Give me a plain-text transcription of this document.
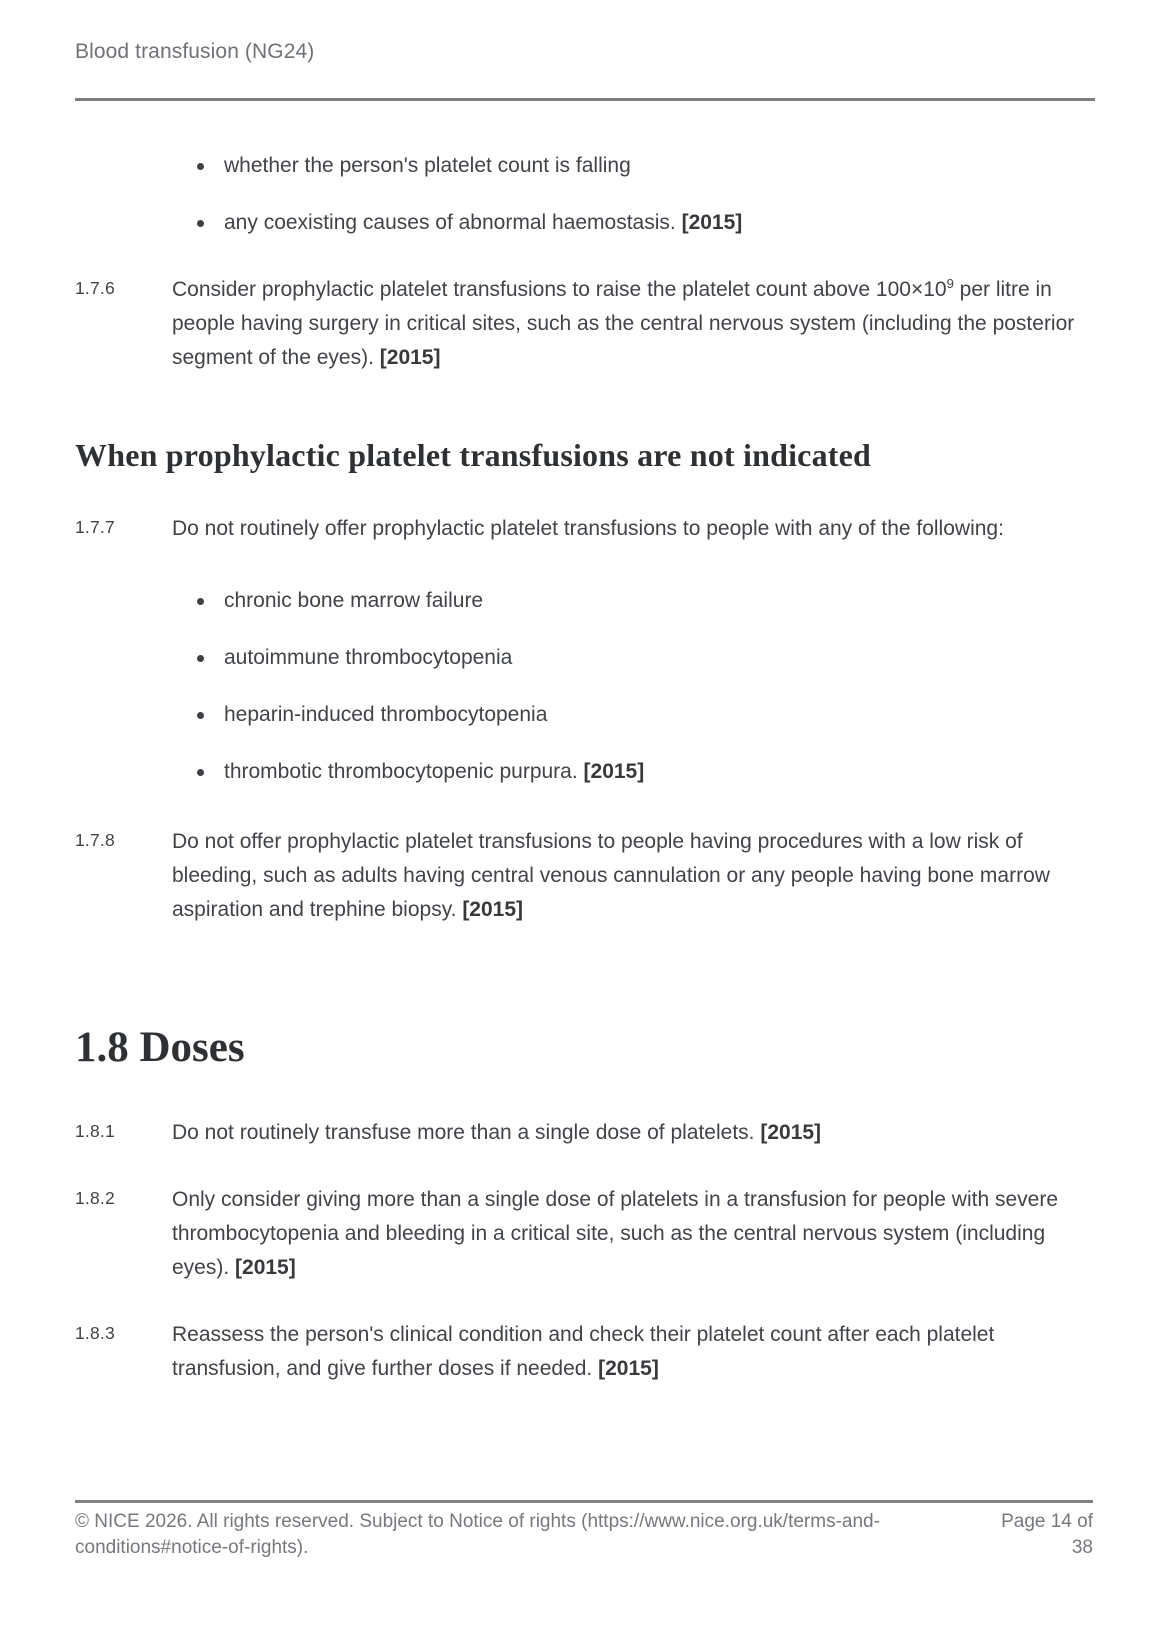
Blood transfusion (NG24)
whether the person's platelet count is falling
any coexisting causes of abnormal haemostasis. [2015]
1.7.6	Consider prophylactic platelet transfusions to raise the platelet count above $100\times 10^9$ per litre in people having surgery in critical sites, such as the central nervous system (including the posterior segment of the eyes). [2015]

When prophylactic platelet transfusions are not indicated
1.7.7	Do not routinely offer prophylactic platelet transfusions to people with any of the following:

chronic bone marrow failure
autoimmune thrombocytopenia
heparin-induced thrombocytopenia
thrombotic thrombocytopenic purpura. [2015]
1.7.8	Do not offer prophylactic platelet transfusions to people having procedures with a low risk of bleeding, such as adults having central venous cannulation or any people having bone marrow aspiration and trephine biopsy. [2015]

1.8 Doses
1.8.1	Do not routinely transfuse more than a single dose of platelets. [2015]

1.8.2	Only consider giving more than a single dose of platelets in a transfusion for people with severe thrombocytopenia and bleeding in a critical site, such as the central nervous system (including eyes). [2015]

1.8.3	Reassess the person's clinical condition and check their platelet count after each platelet transfusion, and give further doses if needed. [2015]

© NICE 2026. All rights reserved. Subject to Notice of rights (https://www.nice.org.uk/terms-and-conditions#notice-of-rights).
Page 14 of 38
